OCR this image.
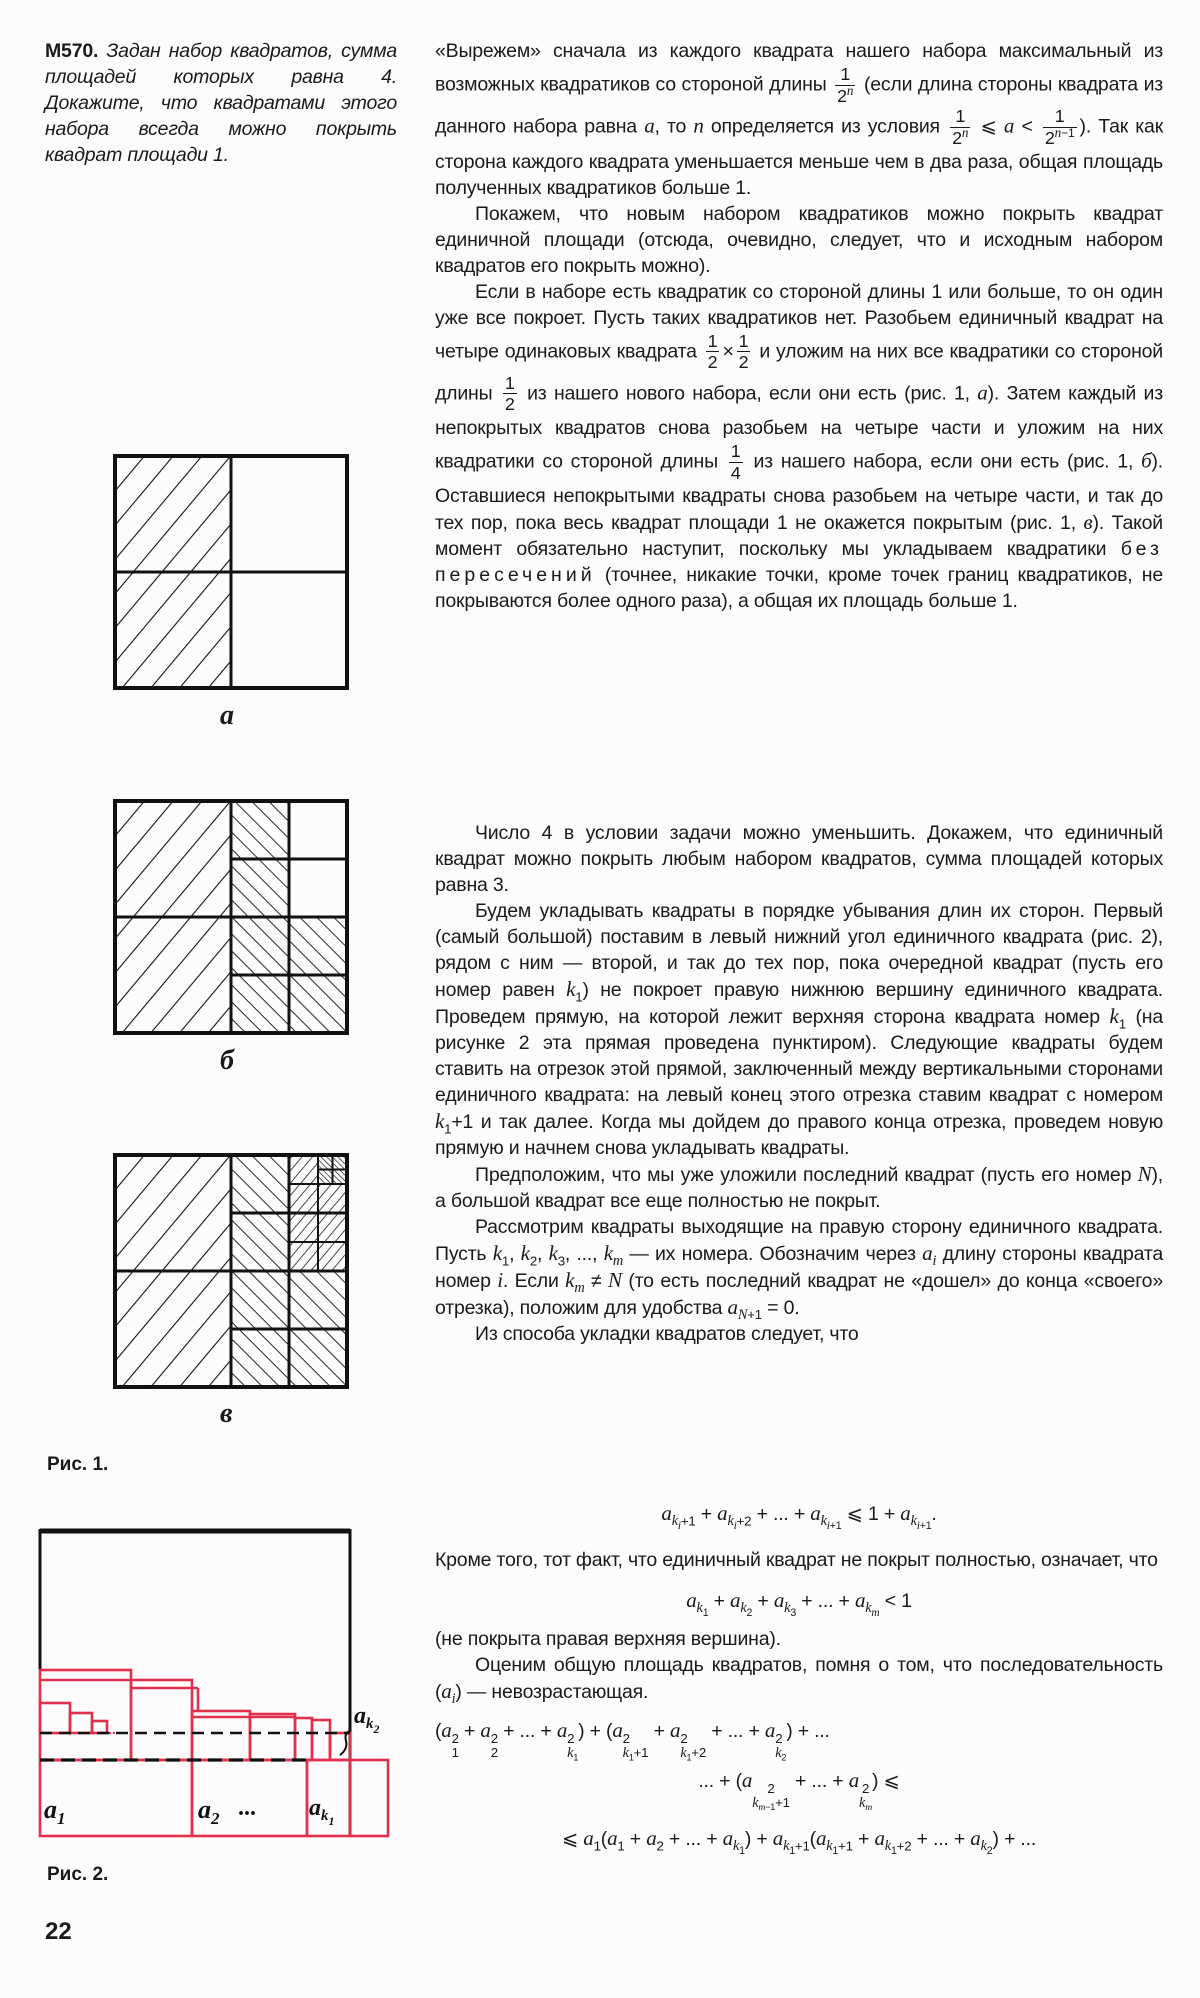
М570. Задан набор квадратов, сумма площадей которых равна 4. Докажите, что квадратами этого набора всегда можно покрыть квадрат площади 1.

«Вырежем» сначала из каждого квадрата нашего набора максимальный из возможных квадратиков со стороной длины $\frac{1}{2^n}$ (если длина стороны квадрата из данного набора равна a, то n определяется из условия $\frac{1}{2^n}$ ⩽ $a < \frac{1}{2^{n-1}}$ ). Так как сторона каждого квадрата уменьшается меньше чем в два раза, общая площадь полученных квадратиков больше 1.

Покажем, что новым набором квадратиков можно покрыть квадрат единичной площади (отсюда, очевидно, следует, что и исходным набором квадратов его покрыть можно).

Если в наборе есть квадратик со стороной длины 1 или больше, то он один уже все покроет. Пусть таких квадратиков нет. Разобьем единичный квадрат на четыре одинаковых квадрата $\frac{1}{2} \times \frac{1}{2}$ и уложим на них все квадратики со стороной длины $\frac{1}{2}$ из нашего нового набора, если они есть (рис. 1, а). Затем каждый из непокрытых квадратов снова разобьем на четыре части и уложим на них квадратики со стороной длины $\frac{1}{4}$ из нашего набора, если они есть (рис. 1, б). Оставшиеся непокрытыми квадраты снова разобьем на четыре части, и так до тех пор, пока весь квадрат площади 1 не окажется покрытым (рис. 1, в). Такой момент обязательно наступит, поскольку мы укладываем квадратики без пересечений (точнее, никакие точки, кроме точек границ квадратиков, не покрываются более одного раза), а общая их площадь больше 1.

Число 4 в условии задачи можно уменьшить. Докажем, что единичный квадрат можно покрыть любым набором квадратов, сумма площадей которых равна 3.

Будем укладывать квадраты в порядке убывания длин их сторон. Первый (самый большой) поставим в левый нижний угол единичного квадрата (рис. 2), рядом с ним — второй, и так до тех пор, пока очередной квадрат (пусть его номер равен $k_1$) не покроет правую нижнюю вершину единичного квадрата. Проведем прямую, на которой лежит верхняя сторона квадрата номер $k_1$ (на рисунке 2 эта прямая проведена пунктиром). Следующие квадраты будем ставить на отрезок этой прямой, заключенный между вертикальными сторонами единичного квадрата: на левый конец этого отрезка ставим квадрат с номером $k_1+1$ и так далее. Когда мы дойдем до правого конца отрезка, проведем новую прямую и начнем снова укладывать квадраты.

Предположим, что мы уже уложили последний квадрат (пусть его номер N), а большой квадрат все еще полностью не покрыт.

Рассмотрим квадраты выходящие на правую сторону единичного квадрата. Пусть $k_1$, $k_2$, $k_3$, ..., $k_m$ — их номера. Обозначим через $a_i$ длину стороны квадрата номер i. Если $k_m \ne N$ (то есть последний квадрат не «дошел» до конца «своего» отрезка), положим для удобства $a_{N+1} = 0$.

Из способа укладки квадратов следует, что

$a_{k_i+1} + a_{k_i+2}$ + ... + $a_{k_{i+1}}$ ⩽ $1 + a_{k_{i+1}}$.

Кроме того, тот факт, что единичный квадрат не покрыт полностью, означает, что

$a_{k_1} + a_{k_2} + a_{k_3}$ + ... + $a_{k_m} < 1$

(не покрыта правая верхняя вершина).

Оценим общую площадь квадратов, помня о том, что последовательность $(a_i)$ — невозрастающая.

(a 2
1
+ a 2
2
+ ... + a 2
$k_1$
) + (a 2
$k_1+1$
+ a 2
$k_1+2$
+ ... + a 2
$k_2$
) + ...
... + (a	2
$k_{m-1}+1$
+ ... + a 2
$k_m$
) ⩽
⩽ $a_1(a_1 + a_2$ + ... + $a_{k_1}) + a_{k_1+1}(a_{k_1+1} + a_{k_1+2}$ + ... + $a_{k_2}$) + ...
а
б
в
Рис. 1.
...
$a_1$	$a_2$ ... $a_{k1}$
$a_{k2}$
Рис. 2.
22
